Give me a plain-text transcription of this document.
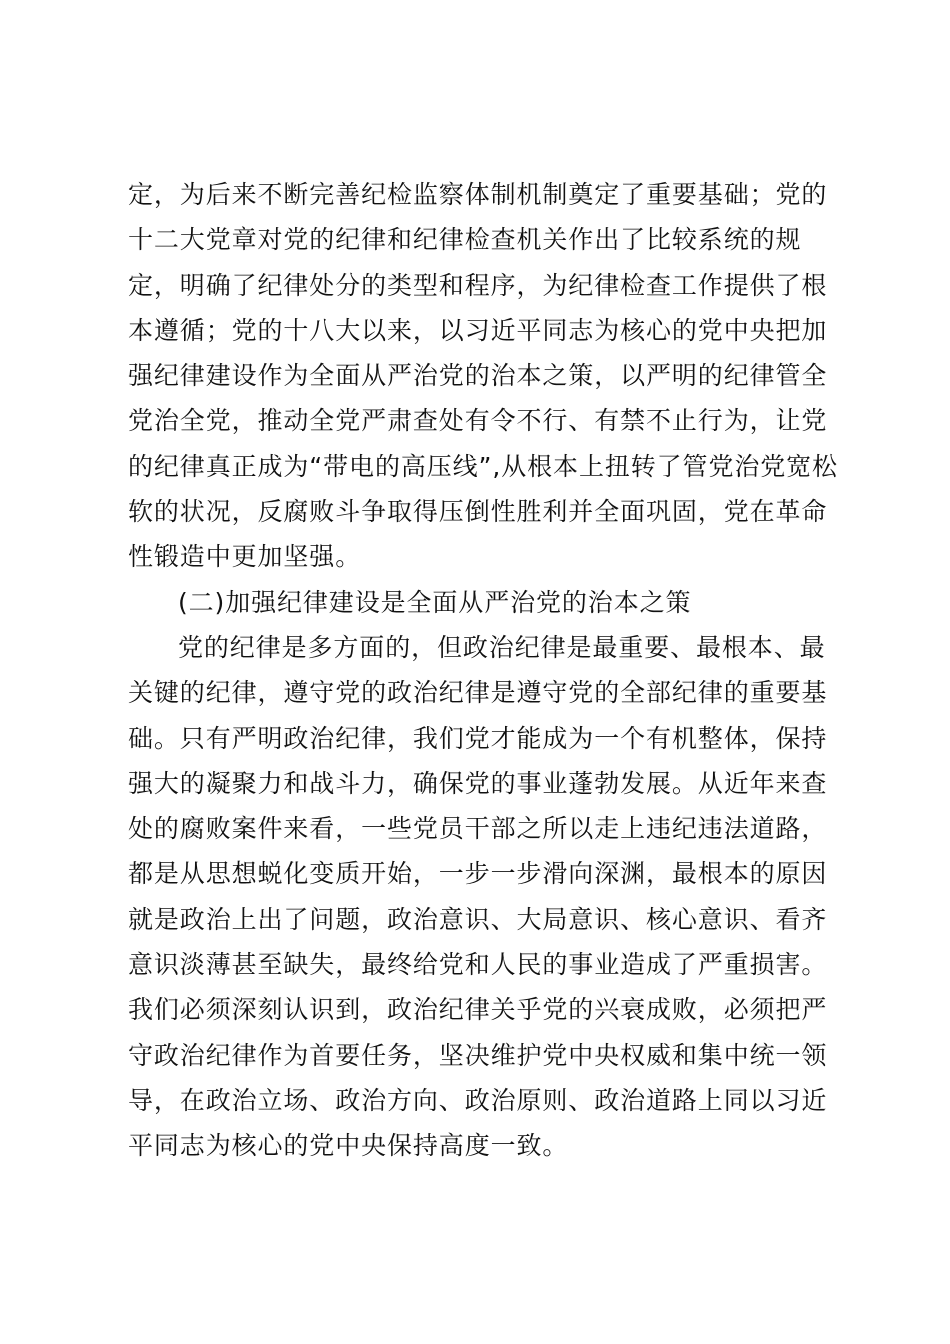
定，为后来不断完善纪检监察体制机制奠定了重要基础；党的
十二大党章对党的纪律和纪律检查机关作出了比较系统的规
定，明确了纪律处分的类型和程序，为纪律检查工作提供了根
本遵循；党的十八大以来，以习近平同志为核心的党中央把加
强纪律建设作为全面从严治党的治本之策，以严明的纪律管全
党治全党，推动全党严肃查处有令不行、有禁不止行为，让党
的纪律真正成为“带电的高压线”,从根本上扭转了管党治党宽松
软的状况，反腐败斗争取得压倒性胜利并全面巩固，党在革命
性锻造中更加坚强。
(二)加强纪律建设是全面从严治党的治本之策
党的纪律是多方面的，但政治纪律是最重要、最根本、最
关键的纪律，遵守党的政治纪律是遵守党的全部纪律的重要基
础。只有严明政治纪律，我们党才能成为一个有机整体，保持
强大的凝聚力和战斗力，确保党的事业蓬勃发展。从近年来查
处的腐败案件来看，一些党员干部之所以走上违纪违法道路，
都是从思想蜕化变质开始，一步一步滑向深渊，最根本的原因
就是政治上出了问题，政治意识、大局意识、核心意识、看齐
意识淡薄甚至缺失，最终给党和人民的事业造成了严重损害。
我们必须深刻认识到，政治纪律关乎党的兴衰成败，必须把严
守政治纪律作为首要任务，坚决维护党中央权威和集中统一领
导，在政治立场、政治方向、政治原则、政治道路上同以习近
平同志为核心的党中央保持高度一致。
